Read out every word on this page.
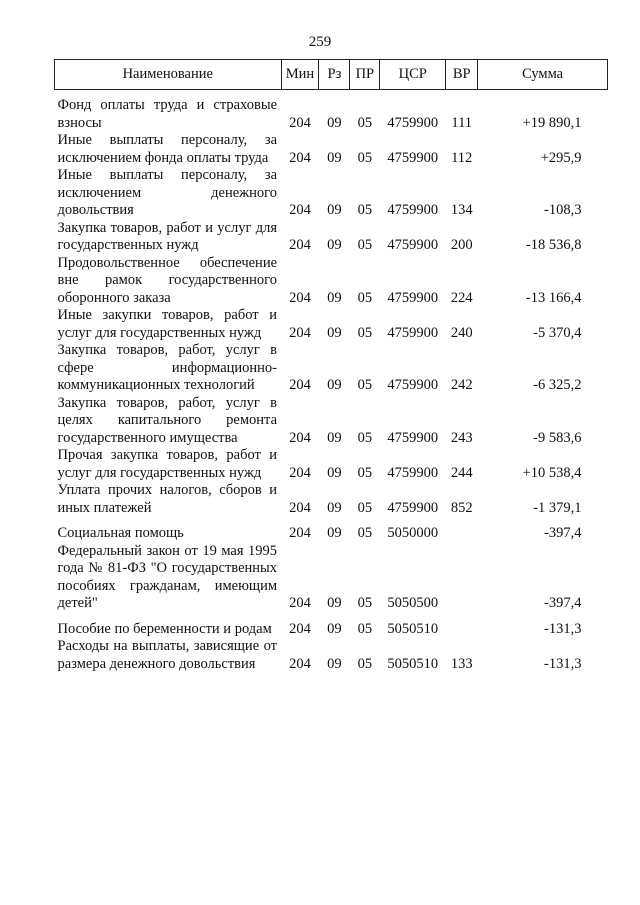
259
Наименование	Мин	Рз	ПР	ЦСР	ВР	Сумма
Фонд оплаты труда и страховые взносы	204	09	05	4759900	111	+19 890,1
Иные выплаты персоналу, за исключением фонда оплаты труда	204	09	05	4759900	112	+295,9
Иные выплаты персоналу, за исключением денежного довольствия	204	09	05	4759900	134	-108,3
Закупка товаров, работ и услуг для государственных нужд	204	09	05	4759900	200	-18 536,8
Продовольственное обеспечение вне рамок государственного оборонного заказа	204	09	05	4759900	224	-13 166,4
Иные закупки товаров, работ и услуг для государственных нужд	204	09	05	4759900	240	-5 370,4
Закупка товаров, работ, услуг в сфере информационно-коммуникационных технологий	204	09	05	4759900	242	-6 325,2
Закупка товаров, работ, услуг в целях капитального ремонта государственного имущества	204	09	05	4759900	243	-9 583,6
Прочая закупка товаров, работ и услуг для государственных нужд	204	09	05	4759900	244	+10 538,4
Уплата прочих налогов, сборов и иных платежей	204	09	05	4759900	852	-1 379,1
Социальная помощь	204	09	05	5050000		-397,4
Федеральный закон от 19 мая 1995 года № 81-ФЗ "О государственных пособиях гражданам, имеющим детей"	204	09	05	5050500		-397,4
Пособие по беременности и родам	204	09	05	5050510		-131,3
Расходы на выплаты, зависящие от размера денежного довольствия	204	09	05	5050510	133	-131,3
